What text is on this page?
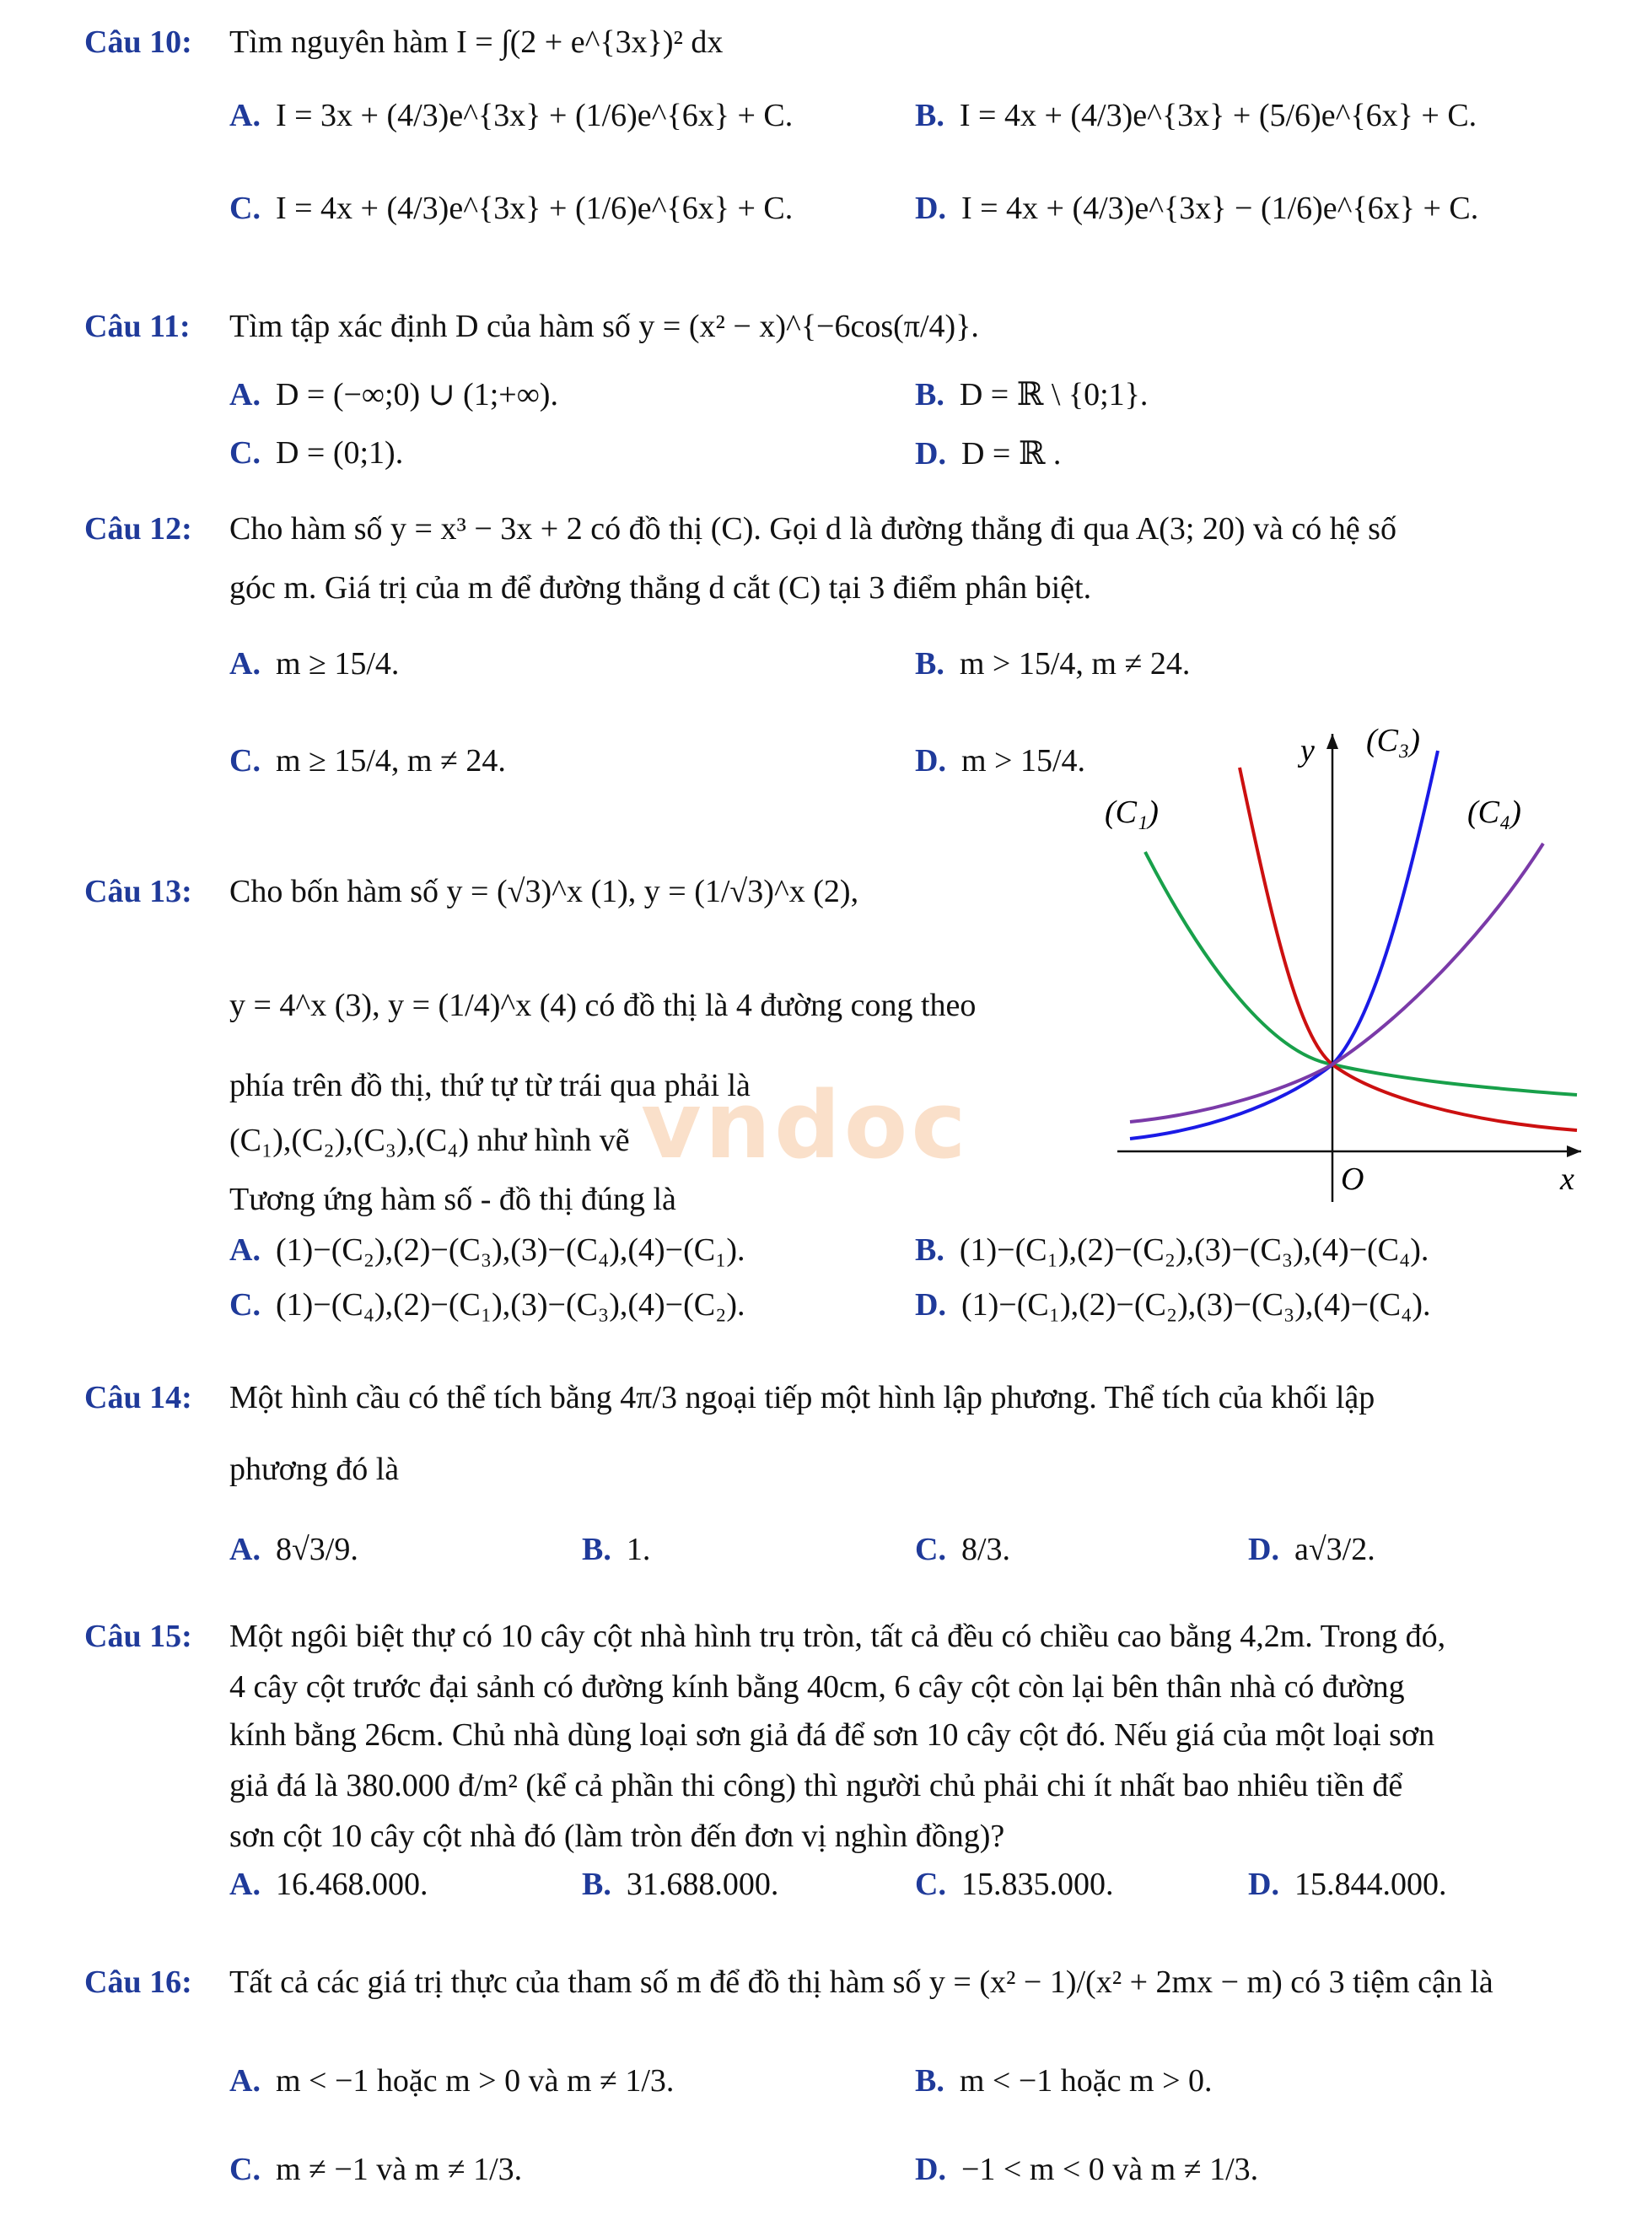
vndoc
Câu 10: Tìm nguyên hàm I = ∫(2 + e^{3x})² dx
A. I = 3x + (4/3)e^{3x} + (1/6)e^{6x} + C.	B. I = 4x + (4/3)e^{3x} + (5/6)e^{6x} + C.
C. I = 4x + (4/3)e^{3x} + (1/6)e^{6x} + C.	D. I = 4x + (4/3)e^{3x} − (1/6)e^{6x} + C.
Câu 11: Tìm tập xác định D của hàm số y = (x² − x)^{−6cos(π/4)}.
A. D = (−∞;0) ∪ (1;+∞).	B. D = ℝ \ {0;1}.
C. D = (0;1).	D. D = ℝ .
Câu 12: Cho hàm số y = x³ − 3x + 2 có đồ thị (C). Gọi d là đường thẳng đi qua A(3; 20) và có hệ số
góc m. Giá trị của m để đường thẳng d cắt (C) tại 3 điểm phân biệt.
A. m ≥ 15/4.	B. m > 15/4, m ≠ 24.
C. m ≥ 15/4, m ≠ 24.	D. m > 15/4.
Câu 13: Cho bốn hàm số y = (√3)^x (1), y = (1/√3)^x (2),
y = 4^x (3), y = (1/4)^x (4) có đồ thị là 4 đường cong theo
phía trên đồ thị, thứ tự từ trái qua phải là
(C₁),(C₂),(C₃),(C₄) như hình vẽ
Tương ứng hàm số - đồ thị đúng là
A. (1)−(C₂),(2)−(C₃),(3)−(C₄),(4)−(C₁).	B. (1)−(C₁),(2)−(C₂),(3)−(C₃),(4)−(C₄).
C. (1)−(C₄),(2)−(C₁),(3)−(C₃),(4)−(C₂).	D. (1)−(C₁),(2)−(C₂),(3)−(C₃),(4)−(C₄).
y (C₃)
(C₁)	(C₄)
O	x
Câu 14: Một hình cầu có thể tích bằng 4π/3 ngoại tiếp một hình lập phương. Thể tích của khối lập
phương đó là
A. 8√3/9.	B. 1.	C. 8/3.	D. a√3/2.
Câu 15: Một ngôi biệt thự có 10 cây cột nhà hình trụ tròn, tất cả đều có chiều cao bằng 4,2m. Trong đó,
4 cây cột trước đại sảnh có đường kính bằng 40cm, 6 cây cột còn lại bên thân nhà có đường
kính bằng 26cm. Chủ nhà dùng loại sơn giả đá để sơn 10 cây cột đó. Nếu giá của một loại sơn
giả đá là 380.000 đ/m² (kể cả phần thi công) thì người chủ phải chi ít nhất bao nhiêu tiền để
sơn cột 10 cây cột nhà đó (làm tròn đến đơn vị nghìn đồng)?
A. 16.468.000.	B. 31.688.000.	C. 15.835.000.	D. 15.844.000.
Câu 16: Tất cả các giá trị thực của tham số m để đồ thị hàm số y = (x² − 1)/(x² + 2mx − m) có 3 tiệm cận là
A. m < −1 hoặc m > 0 và m ≠ 1/3.	B. m < −1 hoặc m > 0.
C. m ≠ −1 và m ≠ 1/3.	D. −1 < m < 0 và m ≠ 1/3.
